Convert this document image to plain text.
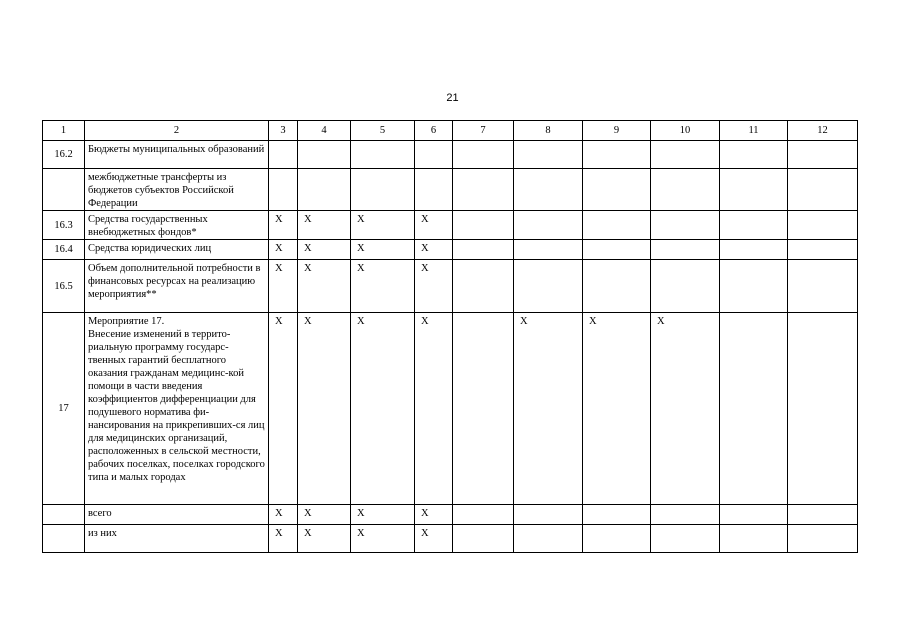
21
1	2	3	4	5	6	7	8	9	10	11	12
16.2	Бюджеты муниципальных образований										
	межбюджетные трансферты из бюджетов субъектов Российской Федерации										
16.3	Средства государственных внебюджетных фондов*	Х	Х	Х	Х						
16.4	Средства юридических лиц	Х	Х	Х	Х						
16.5	Объем дополнительной потребности в финансовых ресурсах на реализацию мероприятия**	Х	Х	Х	Х						
17	Мероприятие 17.
Внесение изменений в террито-риальную программу государс-твенных гарантий бесплатного оказания гражданам медицинс-кой помощи в части введения коэффициентов дифференциации для подушевого норматива фи-нансирования на прикрепивших-ся лиц для медицинских организаций, расположенных в сельской местности, рабочих поселках, поселках городского типа и малых городах	Х	Х	Х	Х		Х	Х	Х		
	всего	Х	Х	Х	Х						
	из них	Х	Х	Х	Х						
